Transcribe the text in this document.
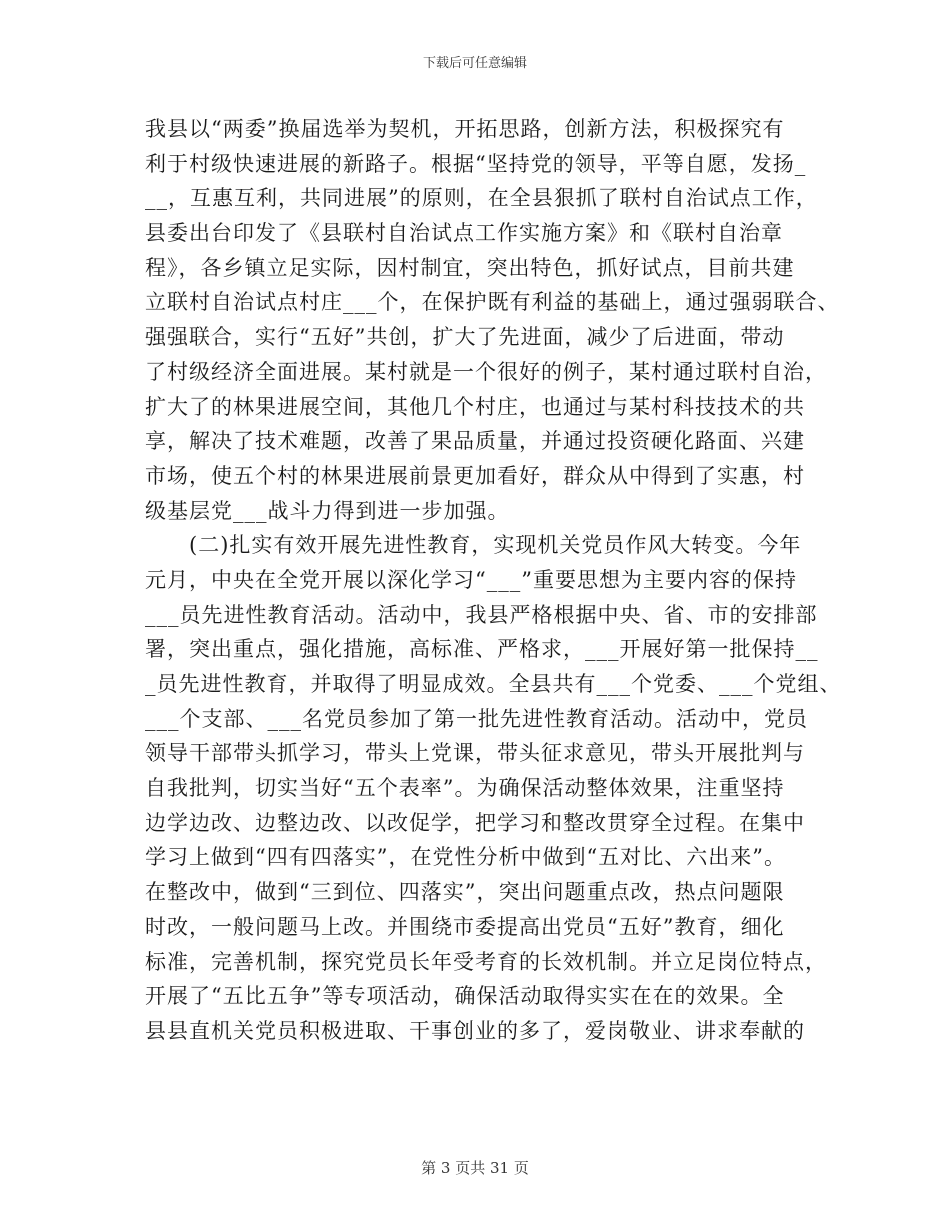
下载后可任意编辑
我县以“两委”换届选举为契机，开拓思路，创新方法，积极探究有
利于村级快速进展的新路子。根据“坚持党的领导，平等自愿，发扬_
__，互惠互利，共同进展”的原则，在全县狠抓了联村自治试点工作，
县委出台印发了《县联村自治试点工作实施方案》和《联村自治章
程》，各乡镇立足实际，因村制宜，突出特色，抓好试点，目前共建
立联村自治试点村庄___个，在保护既有利益的基础上，通过强弱联合、
强强联合，实行“五好”共创，扩大了先进面，减少了后进面，带动
了村级经济全面进展。某村就是一个很好的例子，某村通过联村自治，
扩大了的林果进展空间，其他几个村庄，也通过与某村科技技术的共
享，解决了技术难题，改善了果品质量，并通过投资硬化路面、兴建
市场，使五个村的林果进展前景更加看好，群众从中得到了实惠，村
级基层党___战斗力得到进一步加强。
　　(二)扎实有效开展先进性教育，实现机关党员作风大转变。今年
元月，中央在全党开展以深化学习“___”重要思想为主要内容的保持
___员先进性教育活动。活动中，我县严格根据中央、省、市的安排部
署，突出重点，强化措施，高标准、严格求，___开展好第一批保持__
_员先进性教育，并取得了明显成效。全县共有___个党委、___个党组、
___个支部、___名党员参加了第一批先进性教育活动。活动中，党员
领导干部带头抓学习，带头上党课，带头征求意见，带头开展批判与
自我批判，切实当好“五个表率”。为确保活动整体效果，注重坚持
边学边改、边整边改、以改促学，把学习和整改贯穿全过程。在集中
学习上做到“四有四落实”，在党性分析中做到“五对比、六出来”。
在整改中，做到“三到位、四落实”，突出问题重点改，热点问题限
时改，一般问题马上改。并围绕市委提高出党员“五好”教育，细化
标准，完善机制，探究党员长年受考育的长效机制。并立足岗位特点，
开展了“五比五争”等专项活动，确保活动取得实实在在的效果。全
县县直机关党员积极进取、干事创业的多了，爱岗敬业、讲求奉献的
第 3 页共 31 页
